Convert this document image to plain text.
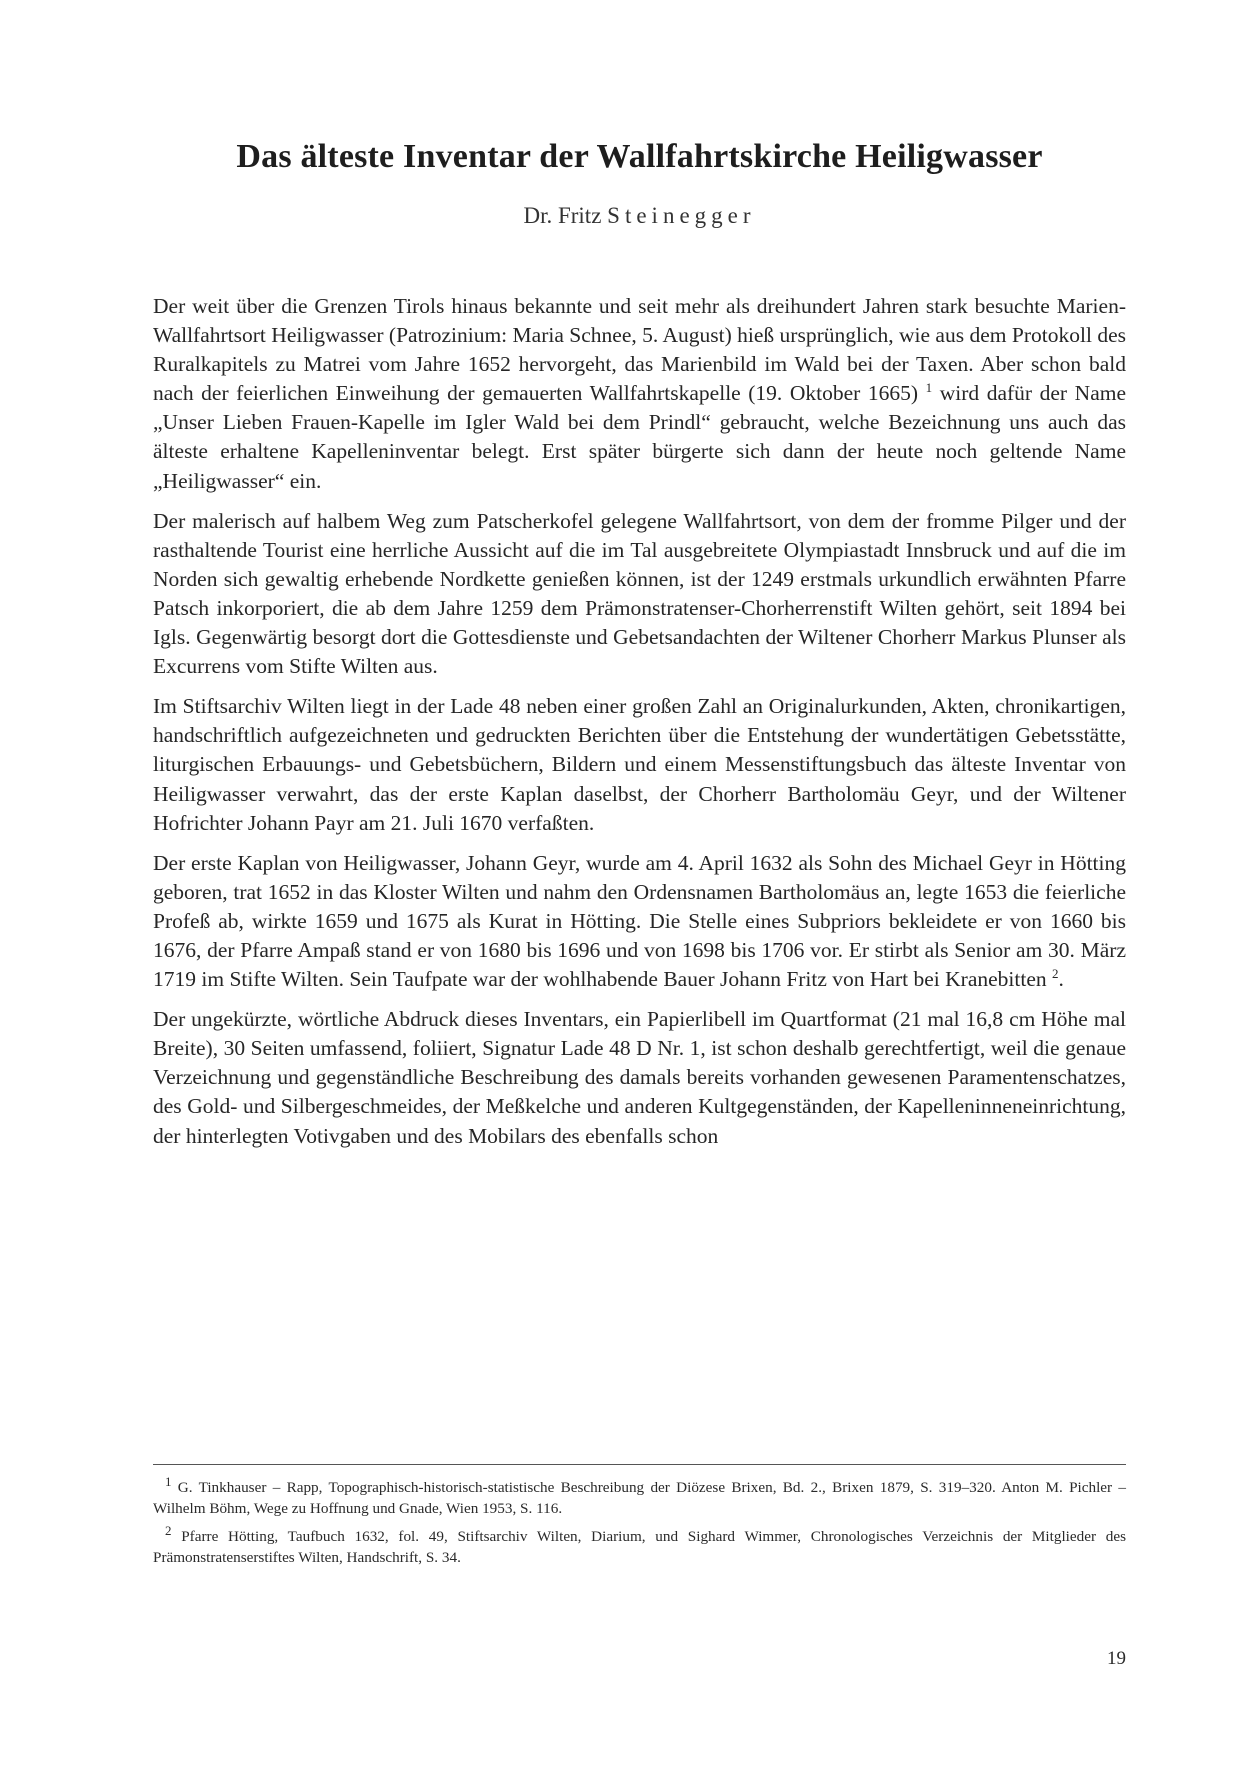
Das älteste Inventar der Wallfahrtskirche Heiligwasser
Dr. Fritz Steinegger

Der weit über die Grenzen Tirols hinaus bekannte und seit mehr als dreihundert Jahren stark besuchte Marien-Wallfahrtsort Heiligwasser (Patrozinium: Maria Schnee, 5. August) hieß ursprünglich, wie aus dem Protokoll des Ruralkapitels zu Matrei vom Jahre 1652 hervorgeht, das Marienbild im Wald bei der Taxen. Aber schon bald nach der feierlichen Einweihung der gemauerten Wallfahrtskapelle (19. Oktober 1665) $^1$ wird dafür der Name „Unser Lieben Frauen-Kapelle im Igler Wald bei dem Prindl“ gebraucht, welche Bezeichnung uns auch das älteste erhaltene Kapelleninventar belegt. Erst später bürgerte sich dann der heute noch geltende Name „Heiligwasser“ ein.

Der malerisch auf halbem Weg zum Patscherkofel gelegene Wallfahrtsort, von dem der fromme Pilger und der rasthaltende Tourist eine herrliche Aussicht auf die im Tal ausgebreitete Olympiastadt Innsbruck und auf die im Norden sich gewaltig erhebende Nordkette genießen können, ist der 1249 erstmals urkundlich erwähnten Pfarre Patsch inkorporiert, die ab dem Jahre 1259 dem Prämonstratenser-Chorherrenstift Wilten gehört, seit 1894 bei Igls. Gegenwärtig besorgt dort die Gottesdienste und Gebetsandachten der Wiltener Chorherr Markus Plunser als Excurrens vom Stifte Wilten aus.

Im Stiftsarchiv Wilten liegt in der Lade 48 neben einer großen Zahl an Originalurkunden, Akten, chronikartigen, handschriftlich aufgezeichneten und gedruckten Berichten über die Entstehung der wundertätigen Gebetsstätte, liturgischen Erbauungs- und Gebetsbüchern, Bildern und einem Messenstiftungsbuch das älteste Inventar von Heiligwasser verwahrt, das der erste Kaplan daselbst, der Chorherr Bartholomäu Geyr, und der Wiltener Hofrichter Johann Payr am 21. Juli 1670 verfaßten.

Der erste Kaplan von Heiligwasser, Johann Geyr, wurde am 4. April 1632 als Sohn des Michael Geyr in Hötting geboren, trat 1652 in das Kloster Wilten und nahm den Ordensnamen Bartholomäus an, legte 1653 die feierliche Profeß ab, wirkte 1659 und 1675 als Kurat in Hötting. Die Stelle eines Subpriors bekleidete er von 1660 bis 1676, der Pfarre Ampaß stand er von 1680 bis 1696 und von 1698 bis 1706 vor. Er stirbt als Senior am 30. März 1719 im Stifte Wilten. Sein Taufpate war der wohlhabende Bauer Johann Fritz von Hart bei Kranebitten $^2$.

Der ungekürzte, wörtliche Abdruck dieses Inventars, ein Papierlibell im Quartformat (21 mal 16,8 cm Höhe mal Breite), 30 Seiten umfassend, foliiert, Signatur Lade 48 D Nr. 1, ist schon deshalb gerechtfertigt, weil die genaue Verzeichnung und gegenständliche Beschreibung des damals bereits vorhanden gewesenen Paramentenschatzes, des Gold- und Silbergeschmeides, der Meßkelche und anderen Kultgegenständen, der Kapelleninneneinrichtung, der hinterlegten Votivgaben und des Mobilars des ebenfalls schon

$^1$ G. Tinkhauser – Rapp, Topographisch-historisch-statistische Beschreibung der Diözese Brixen, Bd. 2., Brixen 1879, S. 319–320. Anton M. Pichler – Wilhelm Böhm, Wege zu Hoffnung und Gnade, Wien 1953, S. 116.

$^2$ Pfarre Hötting, Taufbuch 1632, fol. 49, Stiftsarchiv Wilten, Diarium, und Sighard Wimmer, Chronologisches Verzeichnis der Mitglieder des Prämonstratenserstiftes Wilten, Handschrift, S. 34.

19
